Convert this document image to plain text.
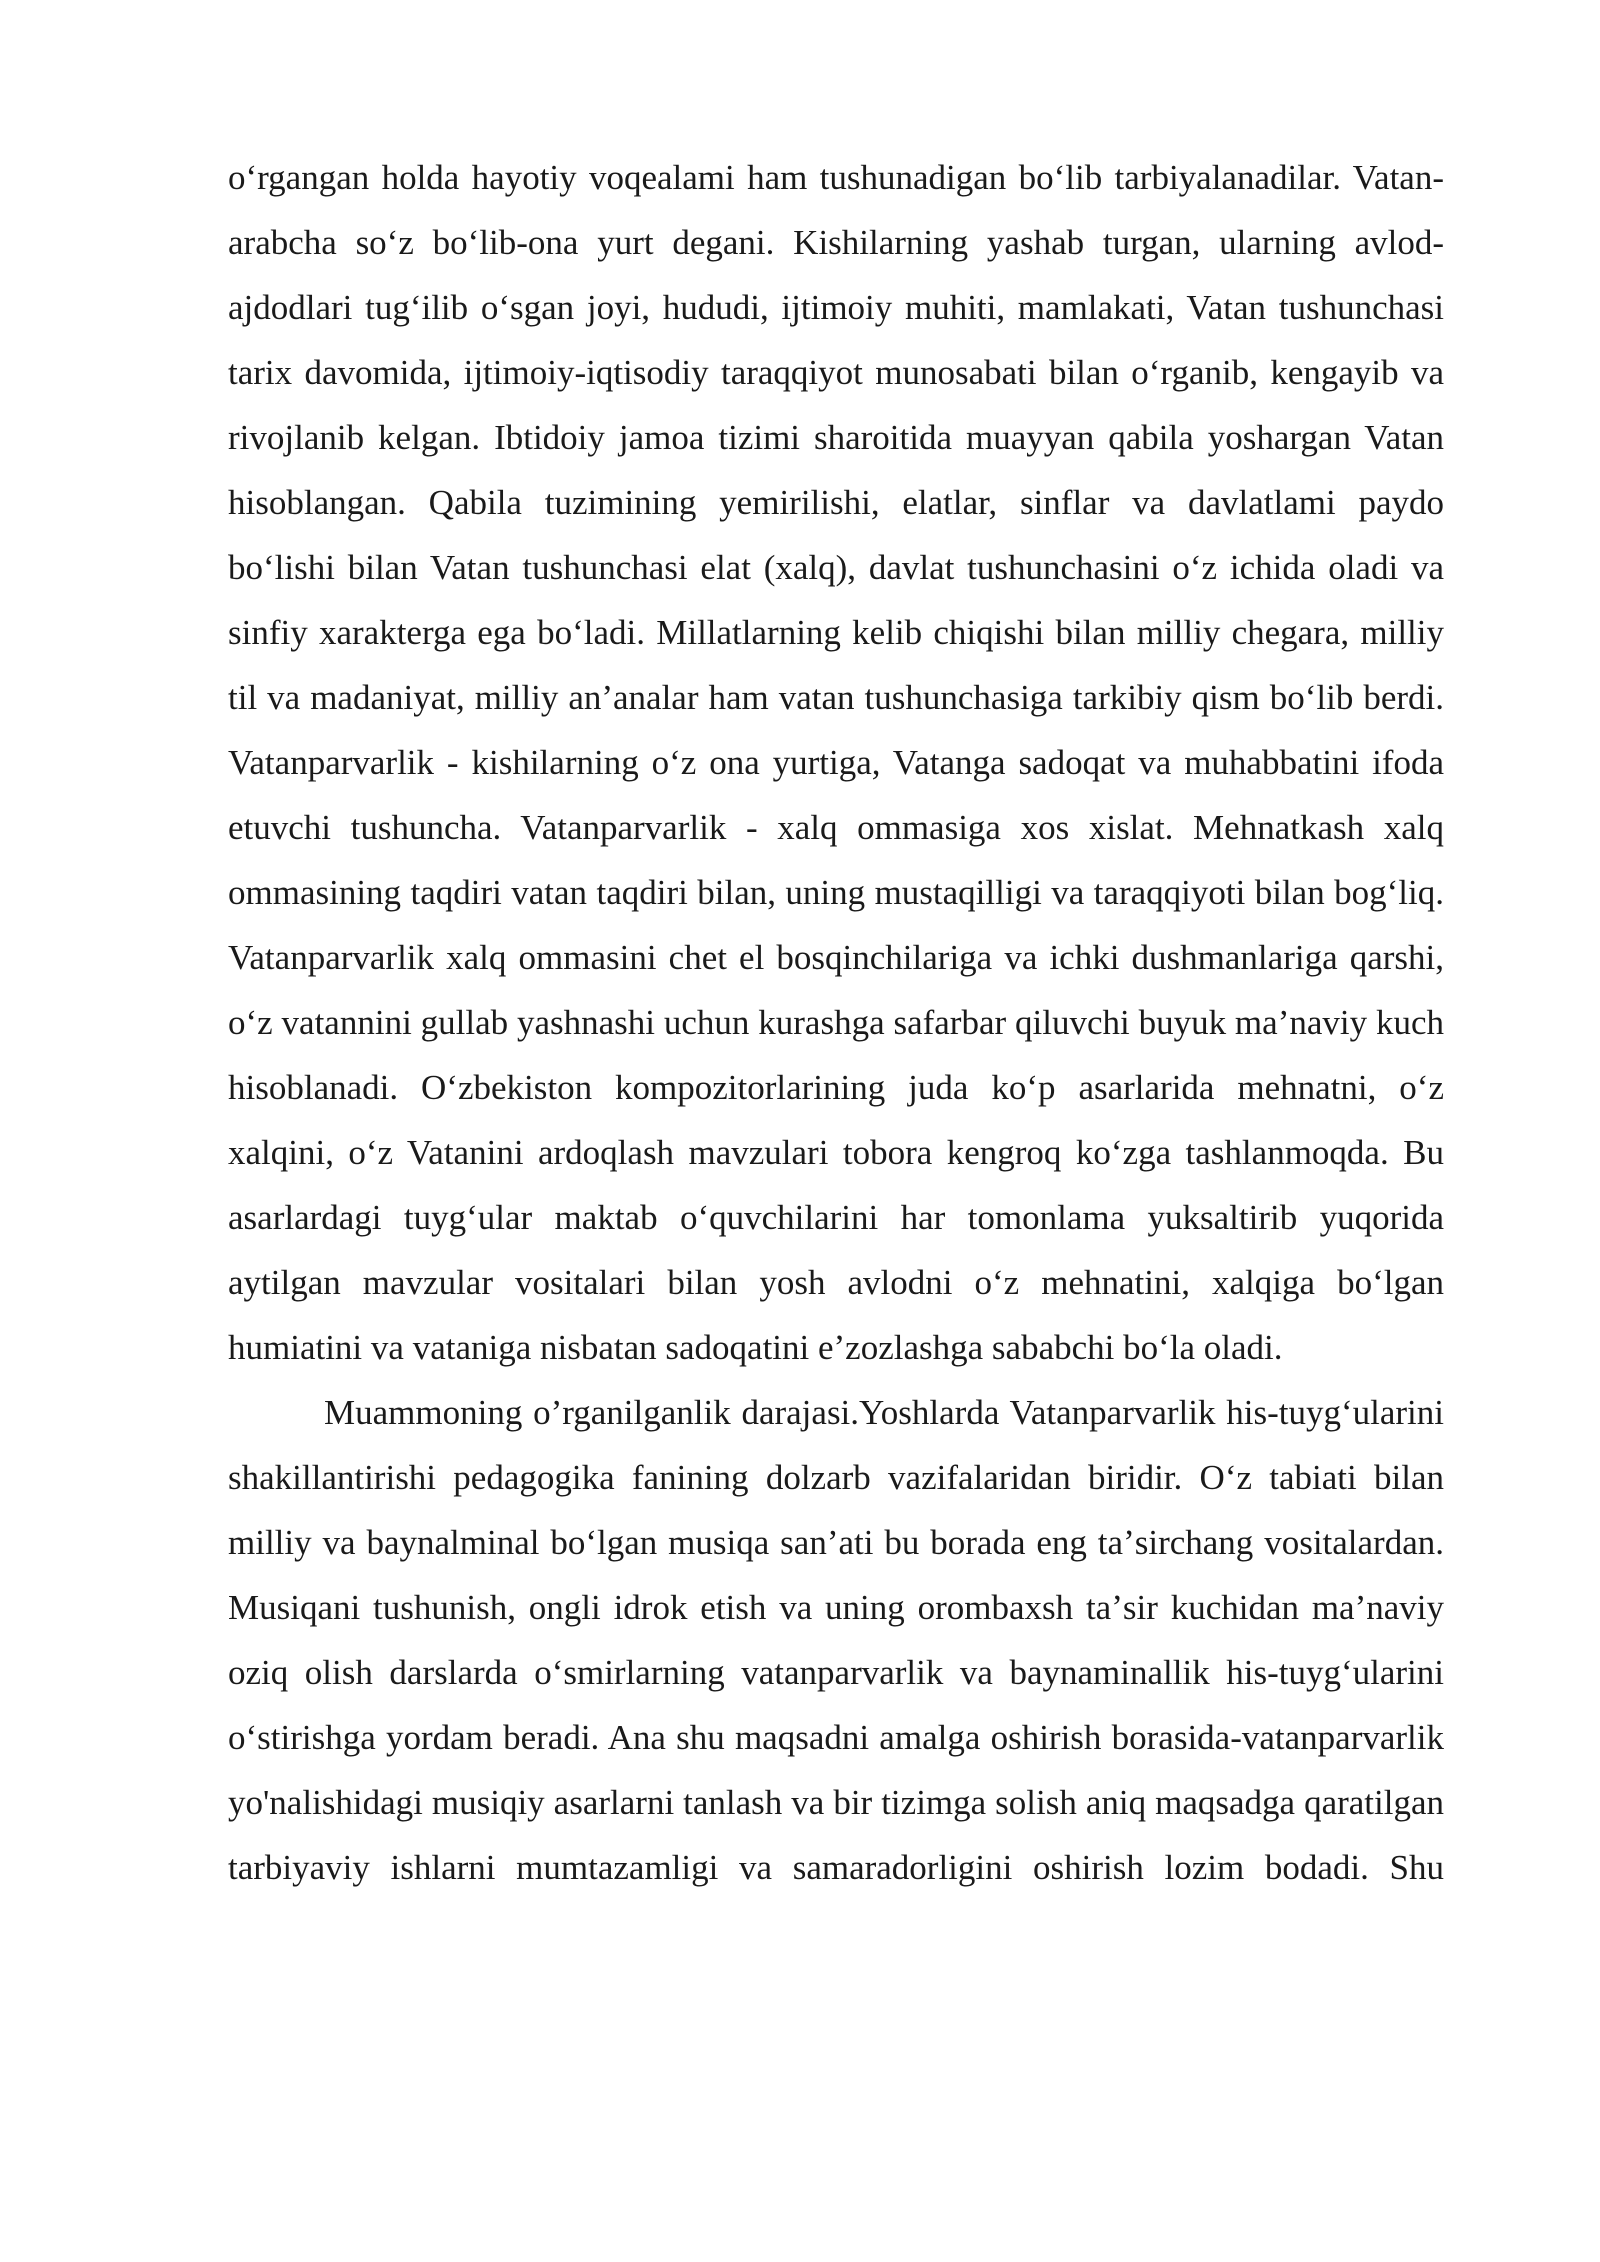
o‘rgangan holda hayotiy voqealami ham tushunadigan bo‘lib tarbiyalanadilar. Vatan-arabcha so‘z bo‘lib-ona yurt degani. Kishilarning yashab turgan, ularning avlod-ajdodlari tug‘ilib o‘sgan joyi, hududi, ijtimoiy muhiti, mamlakati, Vatan tushunchasi tarix davomida, ijtimoiy-iqtisodiy taraqqiyot munosabati bilan o‘rganib, kengayib va rivojlanib kelgan. Ibtidoiy jamoa tizimi sharoitida muayyan qabila yoshargan Vatan hisoblangan. Qabila tuzimining yemirilishi, elatlar, sinflar va davlatlami paydo bo‘lishi bilan Vatan tushunchasi elat (xalq), davlat tushunchasini o‘z ichida oladi va sinfiy xarakterga ega bo‘ladi. Millatlarning kelib chiqishi bilan milliy chegara, milliy til va madaniyat, milliy an’analar ham vatan tushunchasiga tarkibiy qism bo‘lib berdi. Vatanparvarlik - kishilarning o‘z ona yurtiga, Vatanga sadoqat va muhabbatini ifoda etuvchi tushuncha. Vatanparvarlik - xalq ommasiga xos xislat. Mehnatkash xalq ommasining taqdiri vatan taqdiri bilan, uning mustaqilligi va taraqqiyoti bilan bog‘liq. Vatanparvarlik xalq ommasini chet el bosqinchilariga va ichki dushmanlariga qarshi, o‘z vatannini gullab yashnashi uchun kurashga safarbar qiluvchi buyuk ma’naviy kuch hisoblanadi. O‘zbekiston kompozitorlarining juda ko‘p asarlarida mehnatni, o‘z xalqini, o‘z Vatanini ardoqlash mavzulari tobora kengroq ko‘zga tashlanmoqda. Bu asarlardagi tuyg‘ular maktab o‘quvchilarini har tomonlama yuksaltirib yuqorida aytilgan mavzular vositalari bilan yosh avlodni o‘z mehnatini, xalqiga bo‘lgan humiatini va vataniga nisbatan sadoqatini eʼzozlashga sababchi bo‘la oladi.

Muammoning o’rganilganlik darajasi.Yoshlarda Vatanparvarlik his-tuyg‘ularini shakillantirishi pedagogika fanining dolzarb vazifalaridan biridir. O‘z tabiati bilan milliy va baynalminal bo‘lgan musiqa san’ati bu borada eng taʼsirchang vositalardan. Musiqani tushunish, ongli idrok etish va uning orombaxsh taʼsir kuchidan ma’naviy oziq olish darslarda o‘smirlarning vatanparvarlik va baynaminallik his-tuyg‘ularini o‘stirishga yordam beradi. Ana shu maqsadni amalga oshirish borasida-vatanparvarlik yo'nalishidagi musiqiy asarlarni tanlash va bir tizimga solish aniq maqsadga qaratilgan tarbiyaviy ishlarni mumtazamligi va samaradorligini oshirish lozim bodadi. Shu
